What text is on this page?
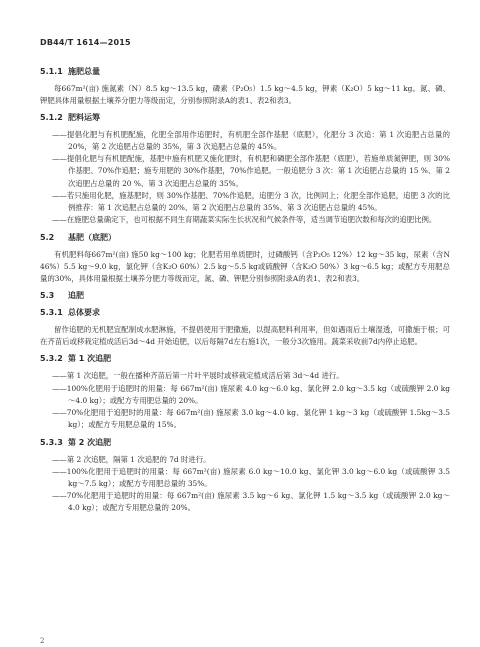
DB44/T 1614—2015
5.1.1 施肥总量

每667m²(亩) 施氮素（N）8.5 kg～13.5 kg，磷素（P₂O₅）1.5 kg～4.5 kg，钾素（K₂O）5 kg～11 kg。氮、磷、钾肥具体用量根据土壤养分肥力等级而定，分别参照附录A的表1、表2和表3。

5.1.2 肥料运筹

——提倡化肥与有机肥配施，化肥全部用作追肥时，有机肥全部作基肥（底肥），化肥分 3 次追：第 1 次追肥占总量的 20%，第 2 次追肥占总量的 35%，第 3 次追肥占总量的 45%。

——提倡化肥与有机肥配施，基肥中施有机肥又施化肥时，有机肥和磷肥全部作基肥（底肥），若施单质氮钾肥，则 30%作基肥、70%作追肥；施专用肥的 30%作基肥，70%作追肥。一般追肥分 3 次：第 1 次追肥占总量的 15 %、第 2 次追肥占总量的 20 %、第 3 次追肥占总量的 35%。

——若只施用化肥，施基肥时，则 30%作基肥、70%作追肥，追肥分 3 次，比例同上；化肥全部作追肥，追肥 3 次的比例推荐：第 1 次追肥占总量的 20%、第 2 次追肥占总量的 35%、第 3 次追肥占总量的 45%。

——在施肥总量确定下，也可根据不同生育期蔬菜实际生长状况和气候条件等，适当调节追肥次数和每次的追肥比例。

5.2 基肥（底肥）

有机肥料每667m²(亩) 施50 kg～100 kg；化肥若用单质肥时，过磷酸钙（含P₂O₅ 12%）12 kg～35 kg，尿素（含N 46%）5.5 kg～9.0 kg，氯化钾（含K₂O 60%）2.5 kg～5.5 kg或硫酸钾（含K₂O 50%）3 kg～6.5 kg；或配方专用肥总量的30%，具体用量根据土壤养分肥力等级而定，氮、磷、钾肥分别参照附录A的表1、表2和表3。

5.3 追肥
5.3.1 总体要求

留作追肥的无机肥宜配制成水肥淋施，不提倡使用干肥撒施，以提高肥料利用率，但如遇雨后土壤湿透，可撒施于根；可在齐苗后或移栽定植成活后3d～4d 开始追肥，以后每隔7d左右施1次，一般分3次施用。蔬菜采收前7d内停止追肥。

5.3.2 第 1 次追肥

——第 1 次追肥，一般在播种齐苗后第一片叶平展时或移栽定植成活后第 3d～4d 进行。

——100%化肥用于追肥时的用量：每 667m²(亩) 施尿素 4.0 kg～6.0 kg、氯化钾 2.0 kg～3.5 kg（或硫酸钾 2.0 kg～4.0 kg）；或配方专用肥总量的 20%。

——70%化肥用于追肥时的用量：每 667m²(亩) 施尿素 3.0 kg～4.0 kg、氯化钾 1 kg～3 kg（或硫酸钾 1.5kg～3.5 kg）；或配方专用肥总量的 15%。

5.3.3 第 2 次追肥

——第 2 次追肥，隔第 1 次追肥的 7d 时进行。

——100%化肥用于追肥时的用量：每 667m²(亩) 施尿素 6.0 kg～10.0 kg、氯化钾 3.0 kg～6.0 kg（或硫酸钾 3.5 kg～7.5 kg）；或配方专用肥总量的 35%。

——70%化肥用于追肥时的用量：每 667m²(亩) 施尿素 3.5 kg～6 kg、氯化钾 1.5 kg～3.5 kg（或硫酸钾 2.0 kg～4.0 kg）；或配方专用肥总量的 20%。

2
